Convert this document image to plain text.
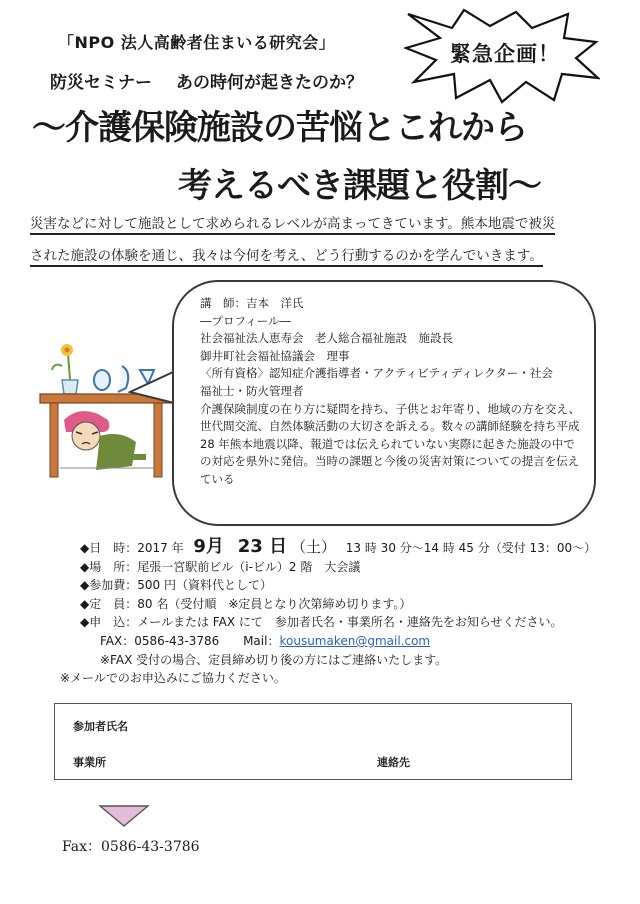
「NPO 法人高齢者住まいる研究会」
防災セミナー あの時何が起きたのか？
緊急企画！
～介護保険施設の苦悩とこれから
考えるべき課題と役割～
災害などに対して施設として求められるレベルが高まってきています。熊本地震で被災
された施設の体験を通じ、我々は今何を考え、どう行動するのかを学んでいきます。
講　師：吉本　洋氏
―プロフィール―
社会福祉法人恵寿会　老人総合福祉施設　施設長
御井町社会福祉協議会　理事
〈所有資格〉認知症介護指導者・アクティビティディレクター・社会
福祉士・防火管理者
介護保険制度の在り方に疑問を持ち、子供とお年寄り、地域の方を交え、世代間交流、自然体験活動の大切さを訴える。数々の講師経験を持ち平成 28 年熊本地震以降、報道では伝えられていない実際に起きた施設の中での対応を県外に発信。当時の課題と今後の災害対策についての提言を伝えている
◆日　時：2017 年 9月 23 日 （土） 13 時 30 分～14 時 45 分（受付 13：00～）
◆場　所：尾張一宮駅前ビル（i-ビル）2 階　大会議
◆参加費：500 円（資料代として）
◆定　員：80 名（受付順　※定員となり次第締め切ります。）
◆申　込：メールまたは FAX にて　参加者氏名・事業所名・連絡先をお知らせください。
FAX：0586-43-3786 Mail：kousumaken@gmail.com
※FAX 受付の場合、定員締め切り後の方にはご連絡いたします。
※メールでのお申込みにご協力ください。
参加者氏名
事業所	連絡先
Fax：0586-43-3786
